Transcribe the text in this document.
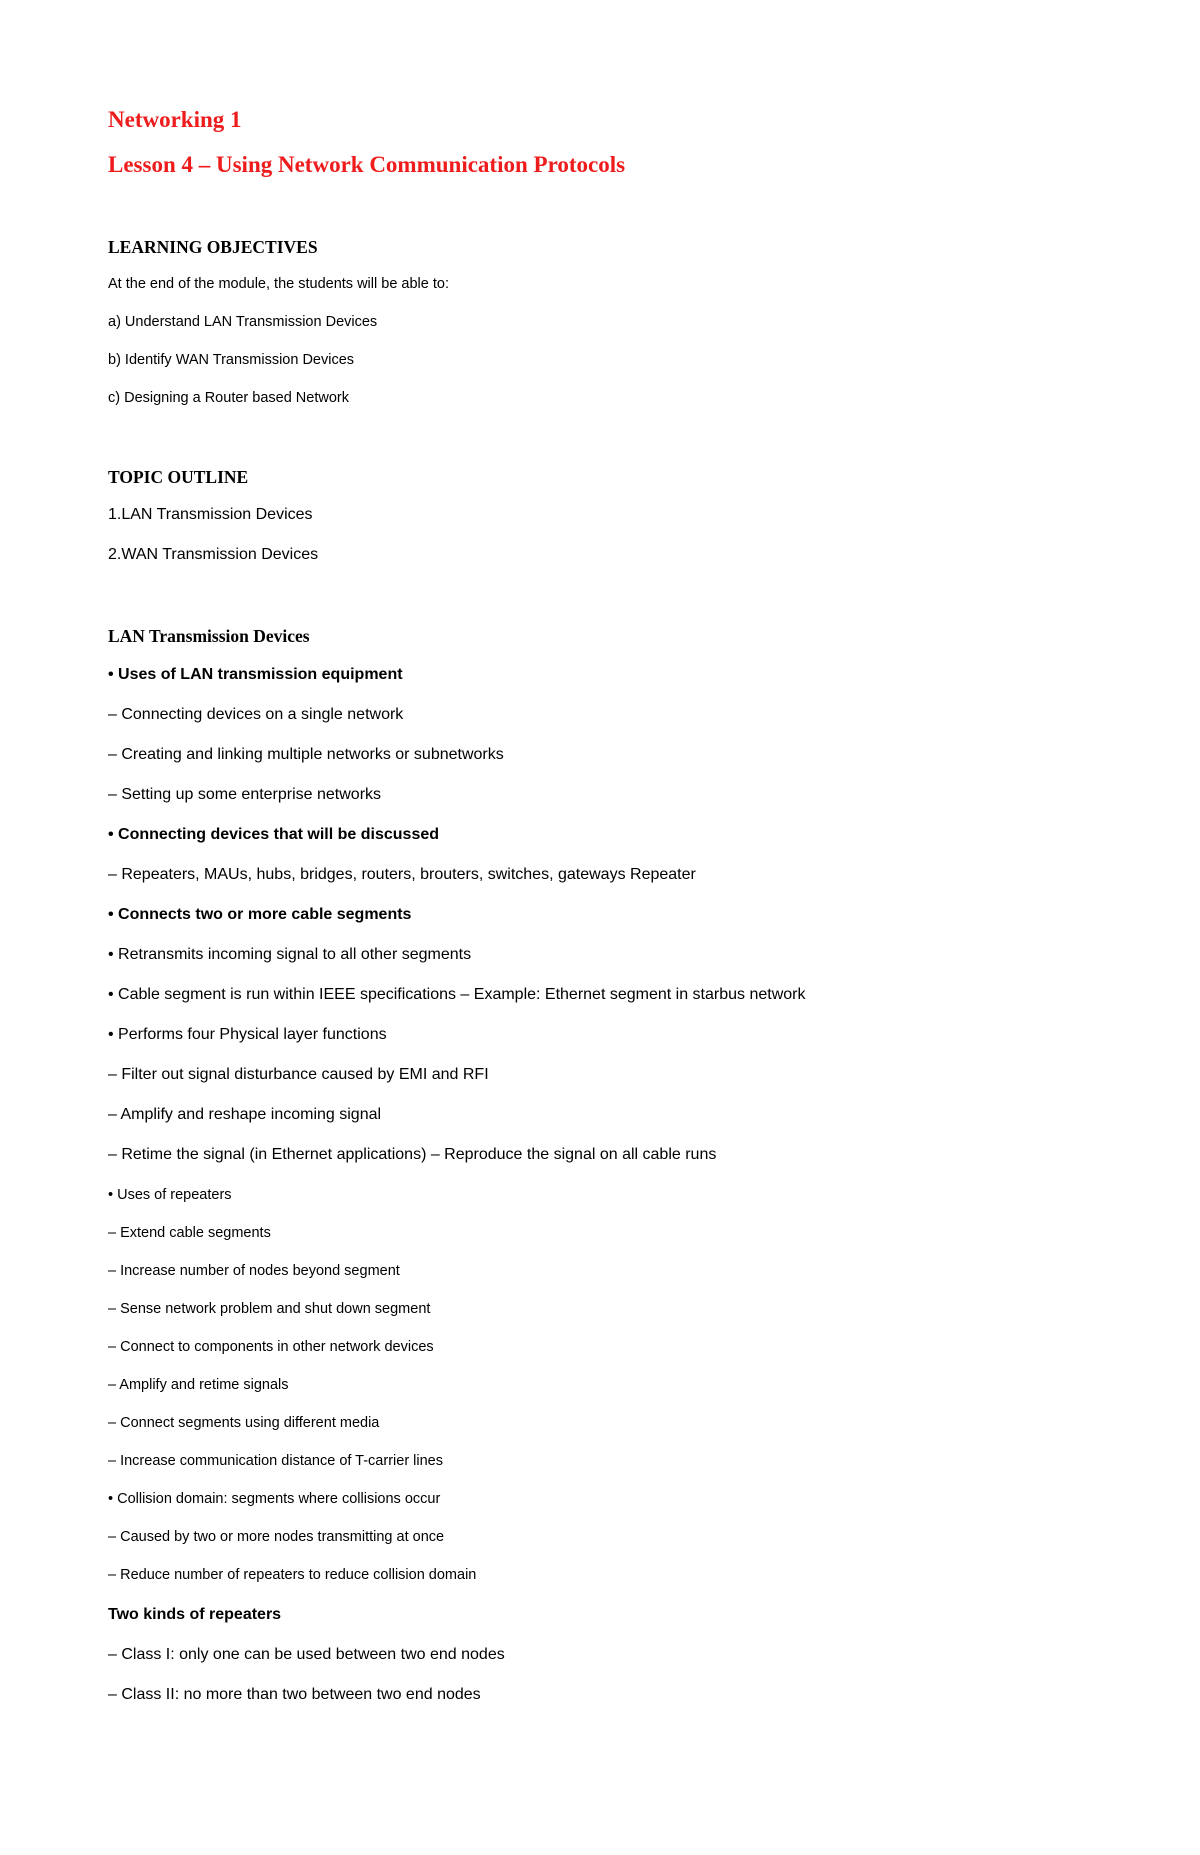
Networking 1
Lesson 4 – Using Network Communication Protocols
LEARNING OBJECTIVES
At the end of the module, the students will be able to:
a) Understand LAN Transmission Devices
b) Identify WAN Transmission Devices
c) Designing a Router based Network
TOPIC OUTLINE
1.LAN Transmission Devices
2.WAN Transmission Devices
LAN Transmission Devices
• Uses of LAN transmission equipment
– Connecting devices on a single network
– Creating and linking multiple networks or subnetworks
– Setting up some enterprise networks
• Connecting devices that will be discussed
– Repeaters, MAUs, hubs, bridges, routers, brouters, switches, gateways Repeater
• Connects two or more cable segments
• Retransmits incoming signal to all other segments
• Cable segment is run within IEEE specifications – Example: Ethernet segment in starbus network
• Performs four Physical layer functions
– Filter out signal disturbance caused by EMI and RFI
– Amplify and reshape incoming signal
– Retime the signal (in Ethernet applications) – Reproduce the signal on all cable runs
• Uses of repeaters
– Extend cable segments
– Increase number of nodes beyond segment
– Sense network problem and shut down segment
– Connect to components in other network devices
– Amplify and retime signals
– Connect segments using different media
– Increase communication distance of T-carrier lines
• Collision domain: segments where collisions occur
– Caused by two or more nodes transmitting at once
– Reduce number of repeaters to reduce collision domain
Two kinds of repeaters
– Class I: only one can be used between two end nodes
– Class II: no more than two between two end nodes
